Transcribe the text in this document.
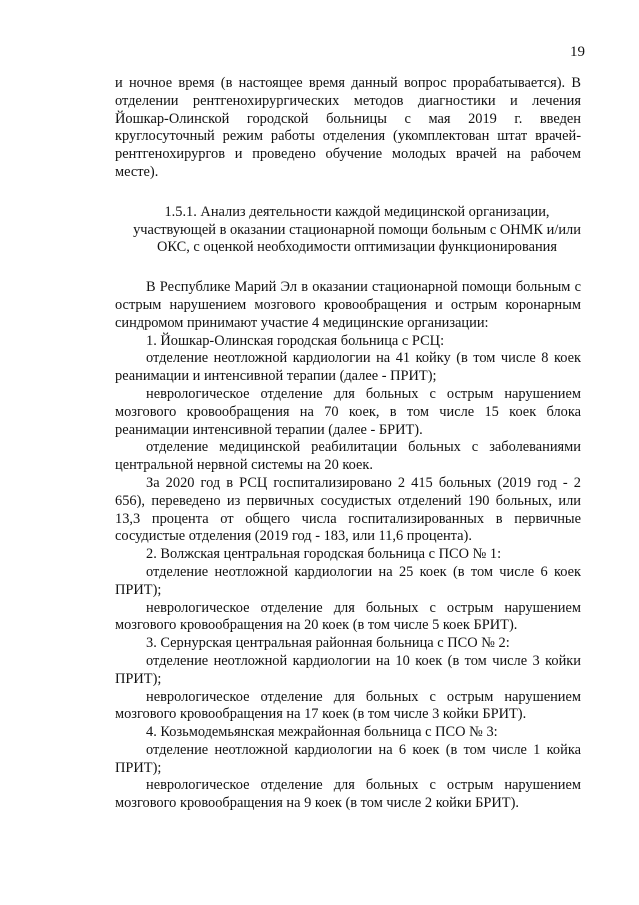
19

и ночное время (в настоящее время данный вопрос прорабатывается). В отделении рентгенохирургических методов диагностики и лечения Йошкар-Олинской городской больницы с мая 2019 г. введен круглосуточный режим работы отделения (укомплектован штат врачей-рентгенохирургов и проведено обучение молодых врачей на рабочем месте).

1.5.1. Анализ деятельности каждой медицинской организации, участвующей в оказании стационарной помощи больным с ОНМК и/или ОКС, с оценкой необходимости оптимизации функционирования

В Республике Марий Эл в оказании стационарной помощи больным с острым нарушением мозгового кровообращения и острым коронарным синдромом принимают участие 4 медицинские организации:

1. Йошкар-Олинская городская больница с РСЦ:

отделение неотложной кардиологии на 41 койку (в том числе 8 коек реанимации и интенсивной терапии (далее - ПРИТ);

неврологическое отделение для больных с острым нарушением мозгового кровообращения на 70 коек, в том числе 15 коек блока реанимации интенсивной терапии (далее - БРИТ).

отделение медицинской реабилитации больных с заболеваниями центральной нервной системы на 20 коек.

За 2020 год в РСЦ госпитализировано 2 415 больных (2019 год - 2 656), переведено из первичных сосудистых отделений 190 больных, или 13,3 процента от общего числа госпитализированных в первичные сосудистые отделения (2019 год - 183, или 11,6 процента).

2. Волжская центральная городская больница с ПСО № 1:

отделение неотложной кардиологии на 25 коек (в том числе 6 коек ПРИТ);

неврологическое отделение для больных с острым нарушением мозгового кровообращения на 20 коек (в том числе 5 коек БРИТ).

3. Сернурская центральная районная больница с ПСО № 2:

отделение неотложной кардиологии на 10 коек (в том числе 3 койки ПРИТ);

неврологическое отделение для больных с острым нарушением мозгового кровообращения на 17 коек (в том числе 3 койки БРИТ).

4. Козьмодемьянская межрайонная больница с ПСО № 3:

отделение неотложной кардиологии на 6 коек (в том числе 1 койка ПРИТ);

неврологическое отделение для больных с острым нарушением мозгового кровообращения на 9 коек (в том числе 2 койки БРИТ).
